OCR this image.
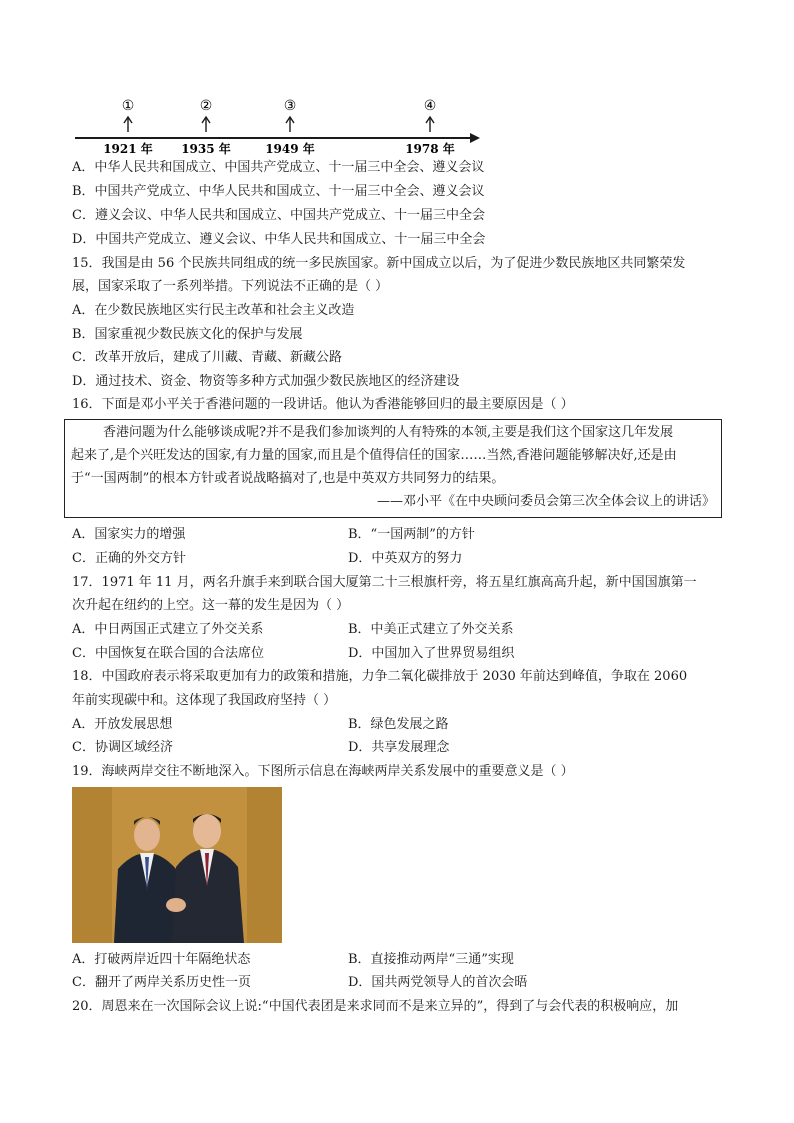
①
1921 年
②
1935 年
③
1949 年
④
1978 年
A．中华人民共和国成立、中国共产党成立、十一届三中全会、遵义会议
B．中国共产党成立、中华人民共和国成立、十一届三中全会、遵义会议
C．遵义会议、中华人民共和国成立、中国共产党成立、十一届三中全会
D．中国共产党成立、遵义会议、中华人民共和国成立、十一届三中全会
15．我国是由 56 个民族共同组成的统一多民族国家。新中国成立以后，为了促进少数民族地区共同繁荣发
展，国家采取了一系列举措。下列说法不正确的是（ ）
A．在少数民族地区实行民主改革和社会主义改造
B．国家重视少数民族文化的保护与发展
C．改革开放后，建成了川藏、青藏、新藏公路
D．通过技术、资金、物资等多种方式加强少数民族地区的经济建设
16．下面是邓小平关于香港问题的一段讲话。他认为香港能够回归的最主要原因是（ ）
香港问题为什么能够谈成呢?并不是我们参加谈判的人有特殊的本领,主要是我们这个国家这几年发展
起来了,是个兴旺发达的国家,有力量的国家,而且是个值得信任的国家……当然,香港问题能够解决好,还是由
于“一国两制”的根本方针或者说战略搞对了,也是中英双方共同努力的结果。
——邓小平《在中央顾问委员会第三次全体会议上的讲话》
A．国家实力的增强	B．“一国两制”的方针
C．正确的外交方针	D．中英双方的努力
17．1971 年 11 月，两名升旗手来到联合国大厦第二十三根旗杆旁，将五星红旗高高升起，新中国国旗第一
次升起在纽约的上空。这一幕的发生是因为（ ）
A．中日两国正式建立了外交关系	B．中美正式建立了外交关系
C．中国恢复在联合国的合法席位	D．中国加入了世界贸易组织
18．中国政府表示将采取更加有力的政策和措施，力争二氧化碳排放于 2030 年前达到峰值，争取在 2060
年前实现碳中和。这体现了我国政府坚持（ ）
A．开放发展思想	B．绿色发展之路
C．协调区域经济	D．共享发展理念
19．海峡两岸交往不断地深入。下图所示信息在海峡两岸关系发展中的重要意义是（ ）
A．打破两岸近四十年隔绝状态	B．直接推动两岸“三通”实现
C．翻开了两岸关系历史性一页	D．国共两党领导人的首次会晤
20．周恩来在一次国际会议上说:“中国代表团是来求同而不是来立异的”，得到了与会代表的积极响应，加
